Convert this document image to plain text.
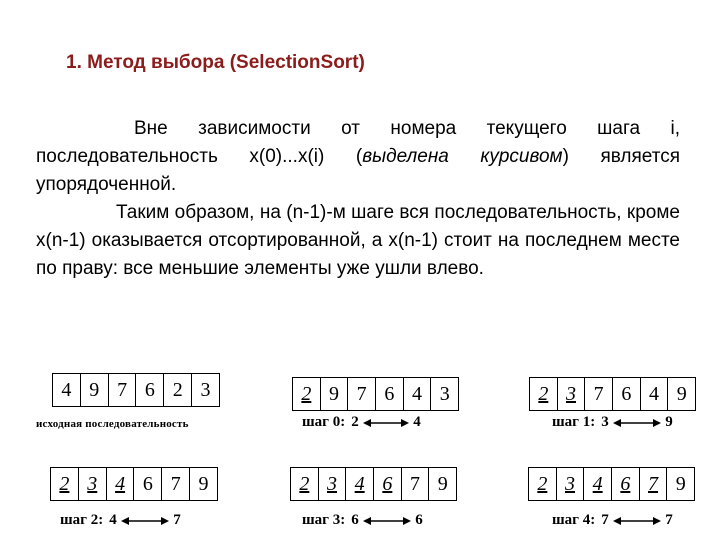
1. Метод выбора (SelectionSort)
Вне зависимости от номера текущего шага i, последовательность x(0)...x(i) (выделена курсивом) является упорядоченной.
Таким образом, на (n-1)-м шаге вся последовательность, кроме x(n-1) оказывается отсортированной, а x(n-1) стоит на последнем месте по праву: все меньшие элементы уже ушли влево.
4 9 7 6 2 3	2 9 7 6 4 3	2 3 7 6 4 9
2 3 4 6 7 9	2 3 4 6 7 9	2 3 4 6 7 9
исходная последовательность	шаг 0: 2	4	шаг 1: 3	9
шаг 2: 4	7	шаг 3: 6	6	шаг 4: 7	7
